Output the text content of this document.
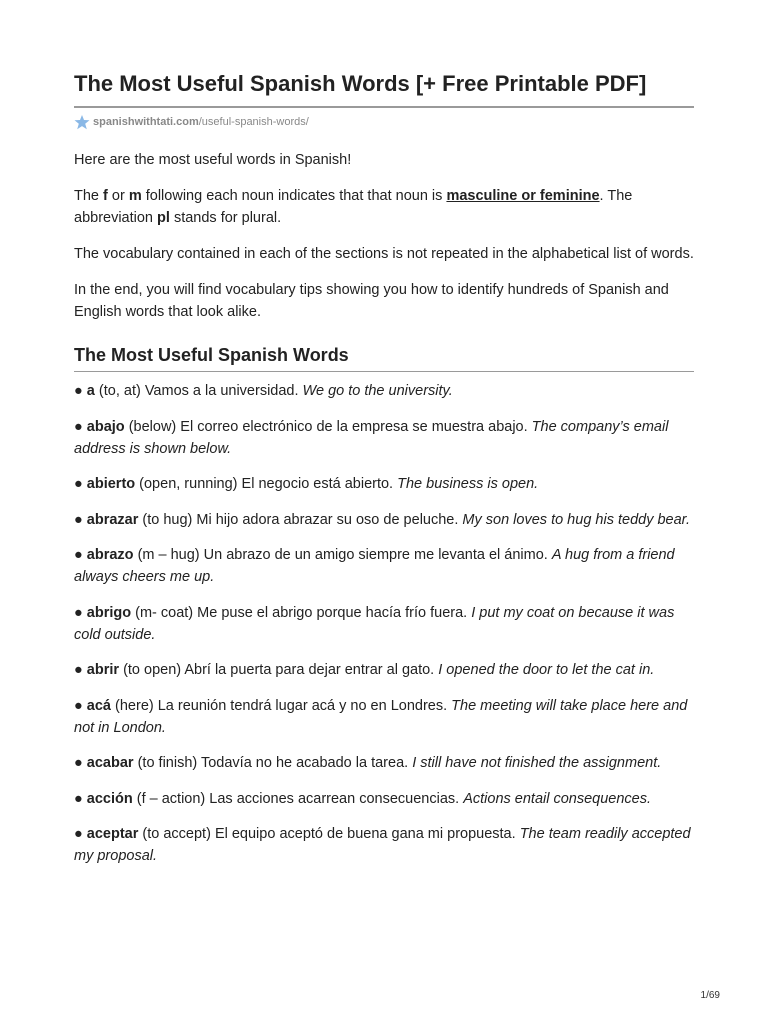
The Most Useful Spanish Words [+ Free Printable PDF]
spanishwithtati.com/useful-spanish-words/

Here are the most useful words in Spanish!

The f or m following each noun indicates that that noun is masculine or feminine. The abbreviation pl stands for plural.

The vocabulary contained in each of the sections is not repeated in the alphabetical list of words.

In the end, you will find vocabulary tips showing you how to identify hundreds of Spanish and English words that look alike.

The Most Useful Spanish Words

● a (to, at) Vamos a la universidad. We go to the university.

● abajo (below) El correo electrónico de la empresa se muestra abajo. The company’s email address is shown below.

● abierto (open, running) El negocio está abierto. The business is open.

● abrazar (to hug) Mi hijo adora abrazar su oso de peluche. My son loves to hug his teddy bear.

● abrazo (m – hug) Un abrazo de un amigo siempre me levanta el ánimo. A hug from a friend always cheers me up.

● abrigo (m- coat) Me puse el abrigo porque hacía frío fuera. I put my coat on because it was cold outside.

● abrir (to open) Abrí la puerta para dejar entrar al gato. I opened the door to let the cat in.

● acá (here) La reunión tendrá lugar acá y no en Londres. The meeting will take place here and not in London.

● acabar (to finish) Todavía no he acabado la tarea. I still have not finished the assignment.

● acción (f – action) Las acciones acarrean consecuencias. Actions entail consequences.

● aceptar (to accept) El equipo aceptó de buena gana mi propuesta. The team readily accepted my proposal.

1/69
